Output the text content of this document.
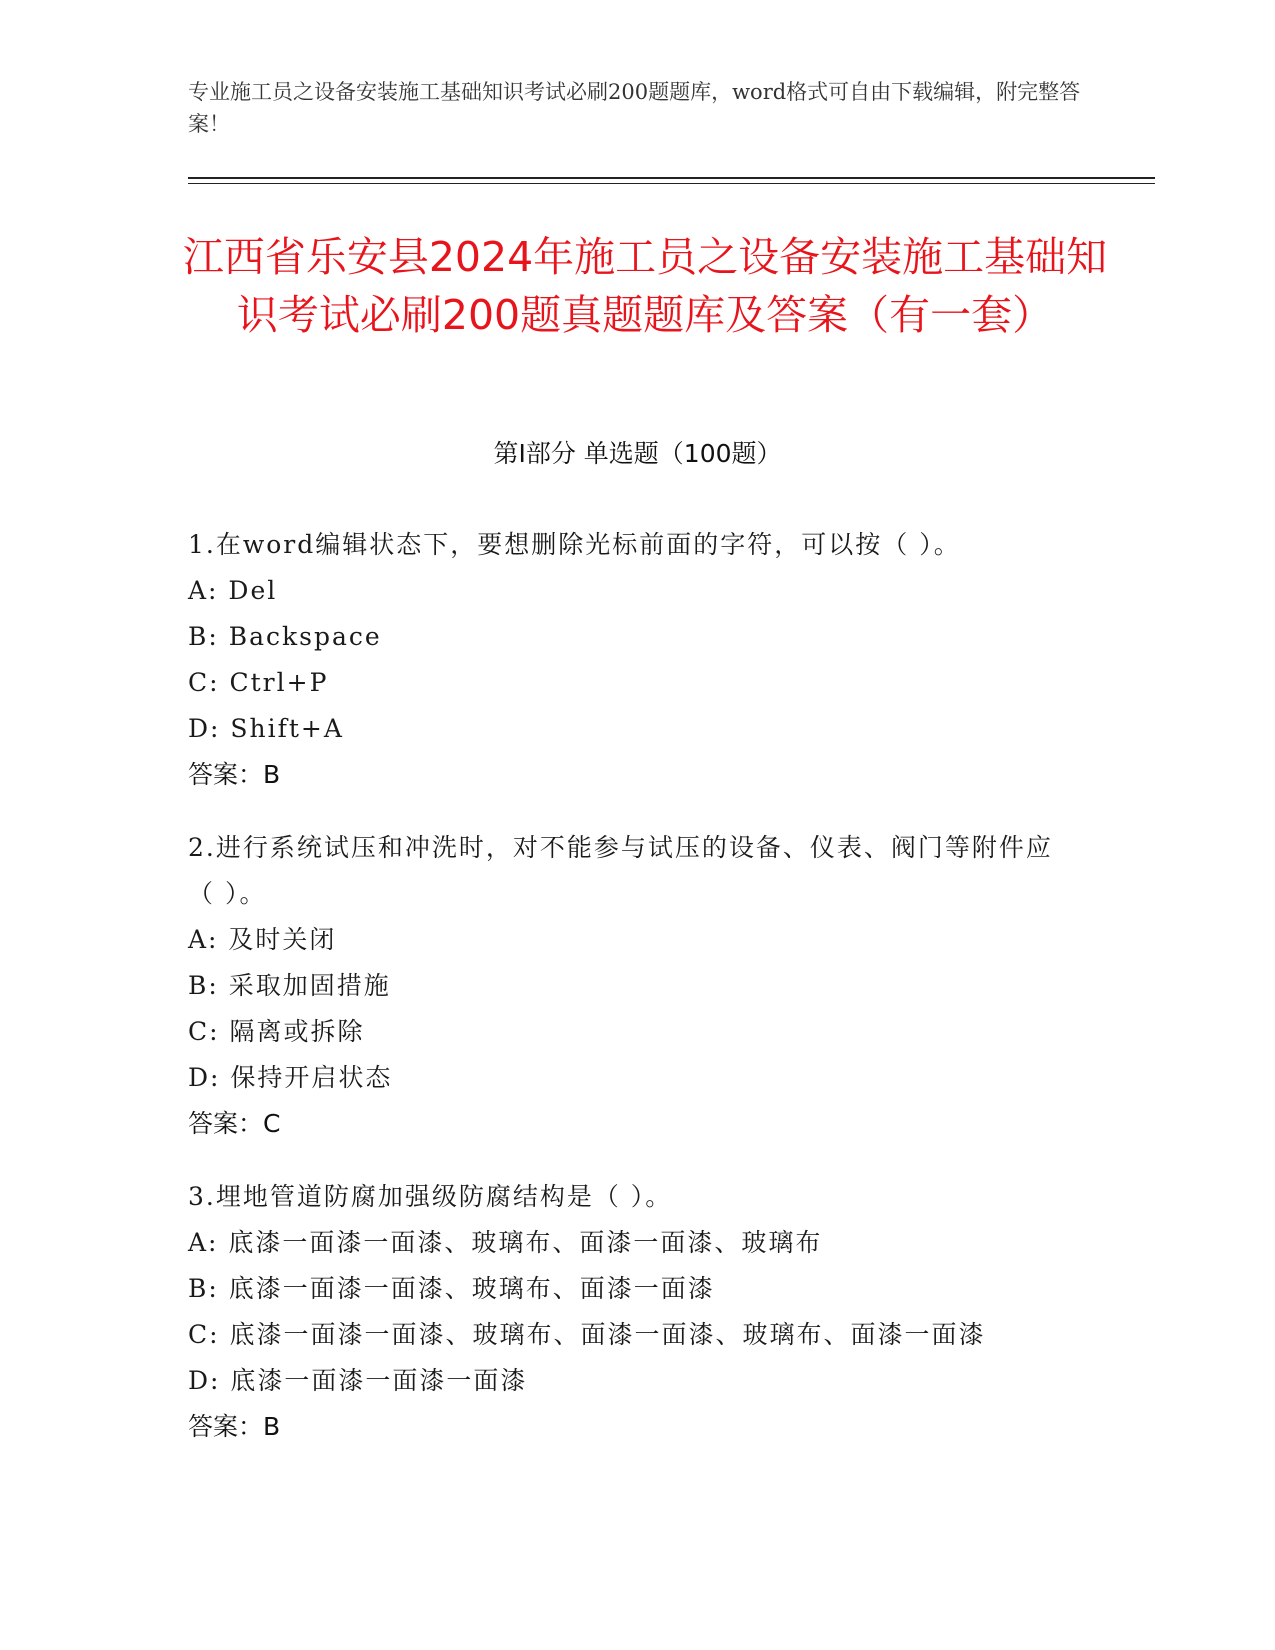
专业施工员之设备安装施工基础知识考试必刷200题题库，word格式可自由下载编辑，附完整答案！
江西省乐安县2024年施工员之设备安装施工基础知识考试必刷200题真题题库及答案（有一套）
第Ⅰ部分 单选题（100题）
1.在word编辑状态下，要想删除光标前面的字符，可以按（ ）。
A: Del
B: Backspace
C: Ctrl+P
D: Shift+A
答案：B
2.进行系统试压和冲洗时，对不能参与试压的设备、仪表、阀门等附件应（ ）。
A: 及时关闭
B: 采取加固措施
C: 隔离或拆除
D: 保持开启状态
答案：C
3.埋地管道防腐加强级防腐结构是（ ）。
A: 底漆一面漆一面漆、玻璃布、面漆一面漆、玻璃布
B: 底漆一面漆一面漆、玻璃布、面漆一面漆
C: 底漆一面漆一面漆、玻璃布、面漆一面漆、玻璃布、面漆一面漆
D: 底漆一面漆一面漆一面漆
答案：B
